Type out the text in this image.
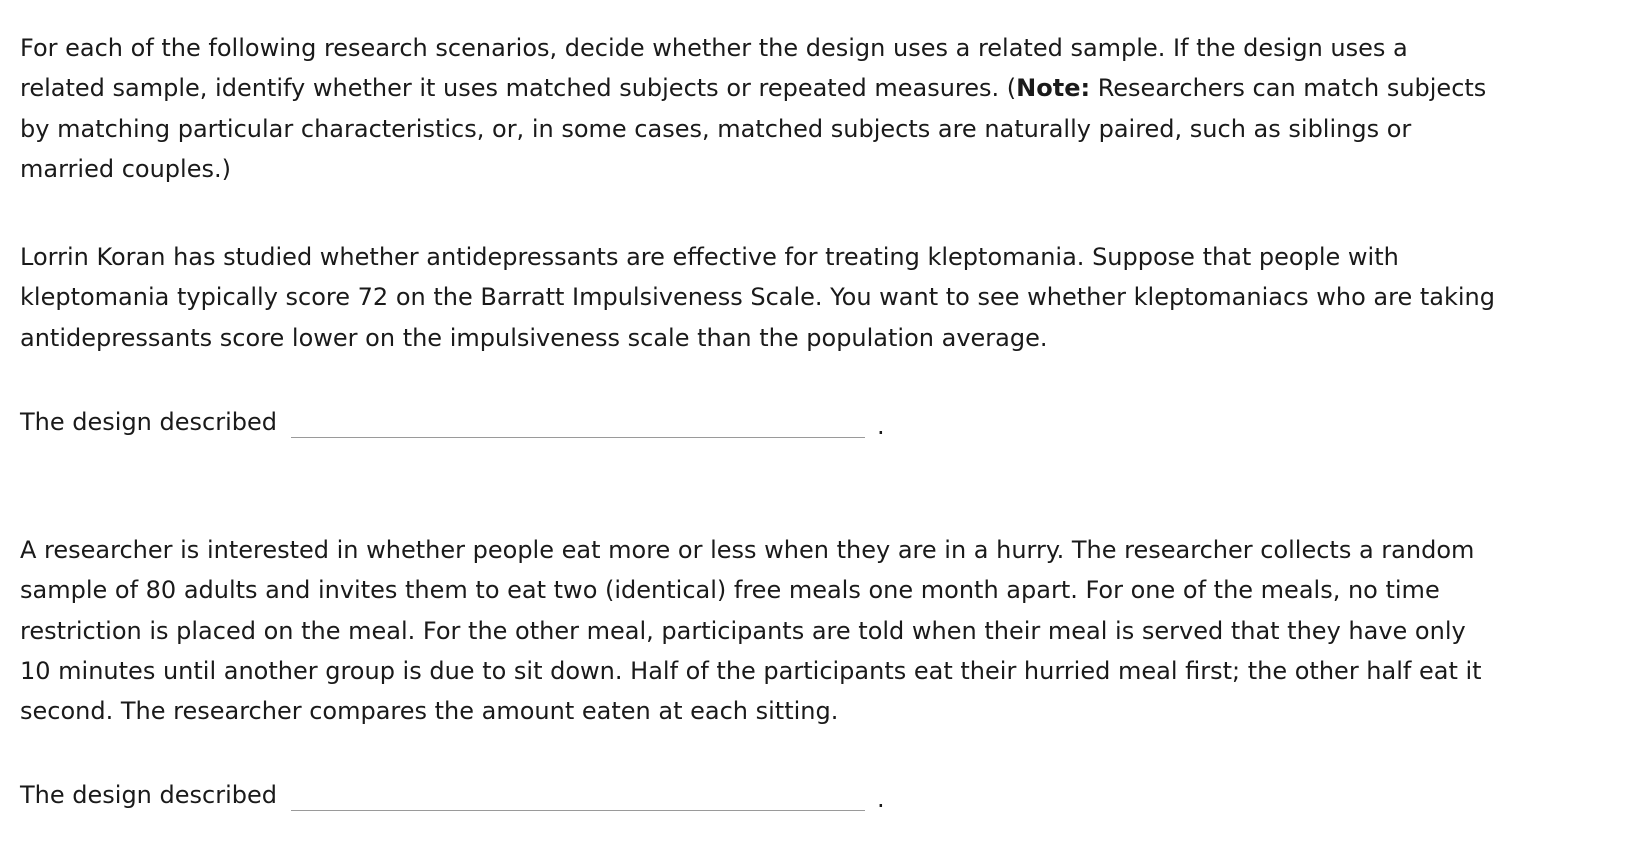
For each of the following research scenarios, decide whether the design uses a related sample. If the design uses a related sample, identify whether it uses matched subjects or repeated measures. (Note: Researchers can match subjects by matching particular characteristics, or, in some cases, matched subjects are naturally paired, such as siblings or married couples.)

Lorrin Koran has studied whether antidepressants are effective for treating kleptomania. Suppose that people with kleptomania typically score 72 on the Barratt Impulsiveness Scale. You want to see whether kleptomaniacs who are taking antidepressants score lower on the impulsiveness scale than the population average.

The design described	.

A researcher is interested in whether people eat more or less when they are in a hurry. The researcher collects a random sample of 80 adults and invites them to eat two (identical) free meals one month apart. For one of the meals, no time restriction is placed on the meal. For the other meal, participants are told when their meal is served that they have only 10 minutes until another group is due to sit down. Half of the participants eat their hurried meal first; the other half eat it second. The researcher compares the amount eaten at each sitting.

The design described	.
